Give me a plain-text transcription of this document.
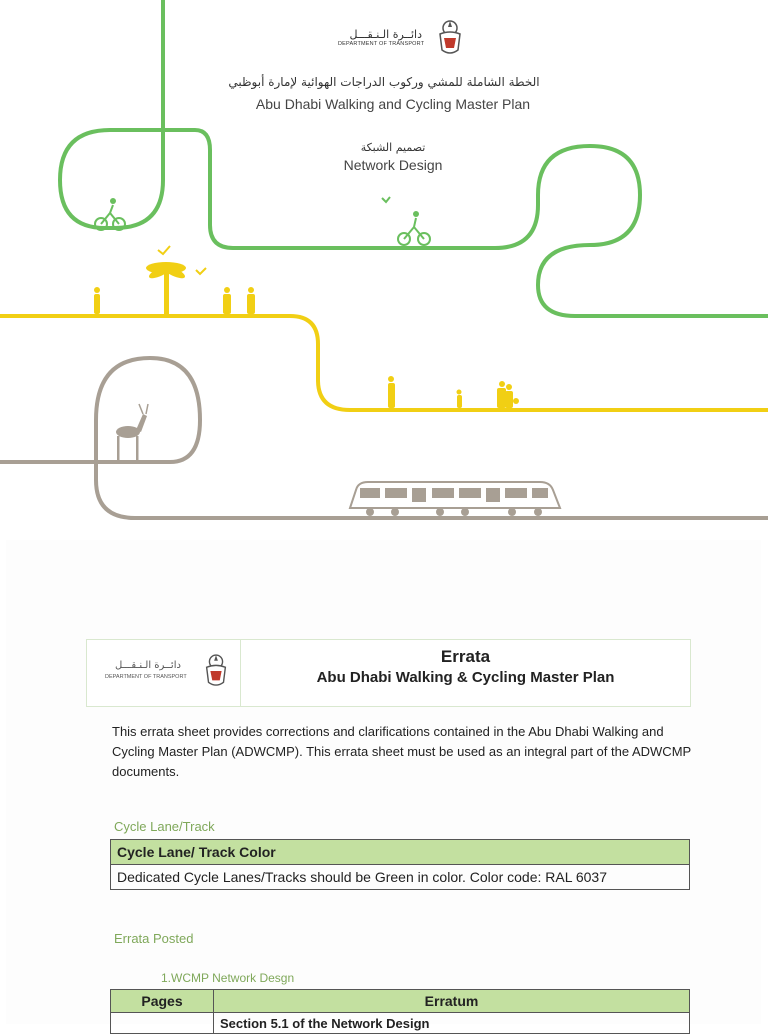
دائــرة الـنـقـــل
DEPARTMENT OF TRANSPORT
الخطة الشاملة للمشي وركوب الدراجات الهوائية لإمارة أبوظبي
Abu Dhabi Walking and Cycling Master Plan
تصميم الشبكة
Network Design
دائــرة الـنـقـــل
DEPARTMENT OF TRANSPORT
Errata
Abu Dhabi Walking & Cycling Master Plan
This errata sheet provides corrections and clarifications contained in the Abu Dhabi Walking and Cycling Master Plan (ADWCMP). This errata sheet must be used as an integral part of the ADWCMP documents.
Cycle Lane/Track
Cycle Lane/ Track Color
Dedicated Cycle Lanes/Tracks should be Green in color. Color code: RAL 6037
Errata Posted
1.WCMP Network Desgn
Pages	Erratum
	Section 5.1 of the Network Design
